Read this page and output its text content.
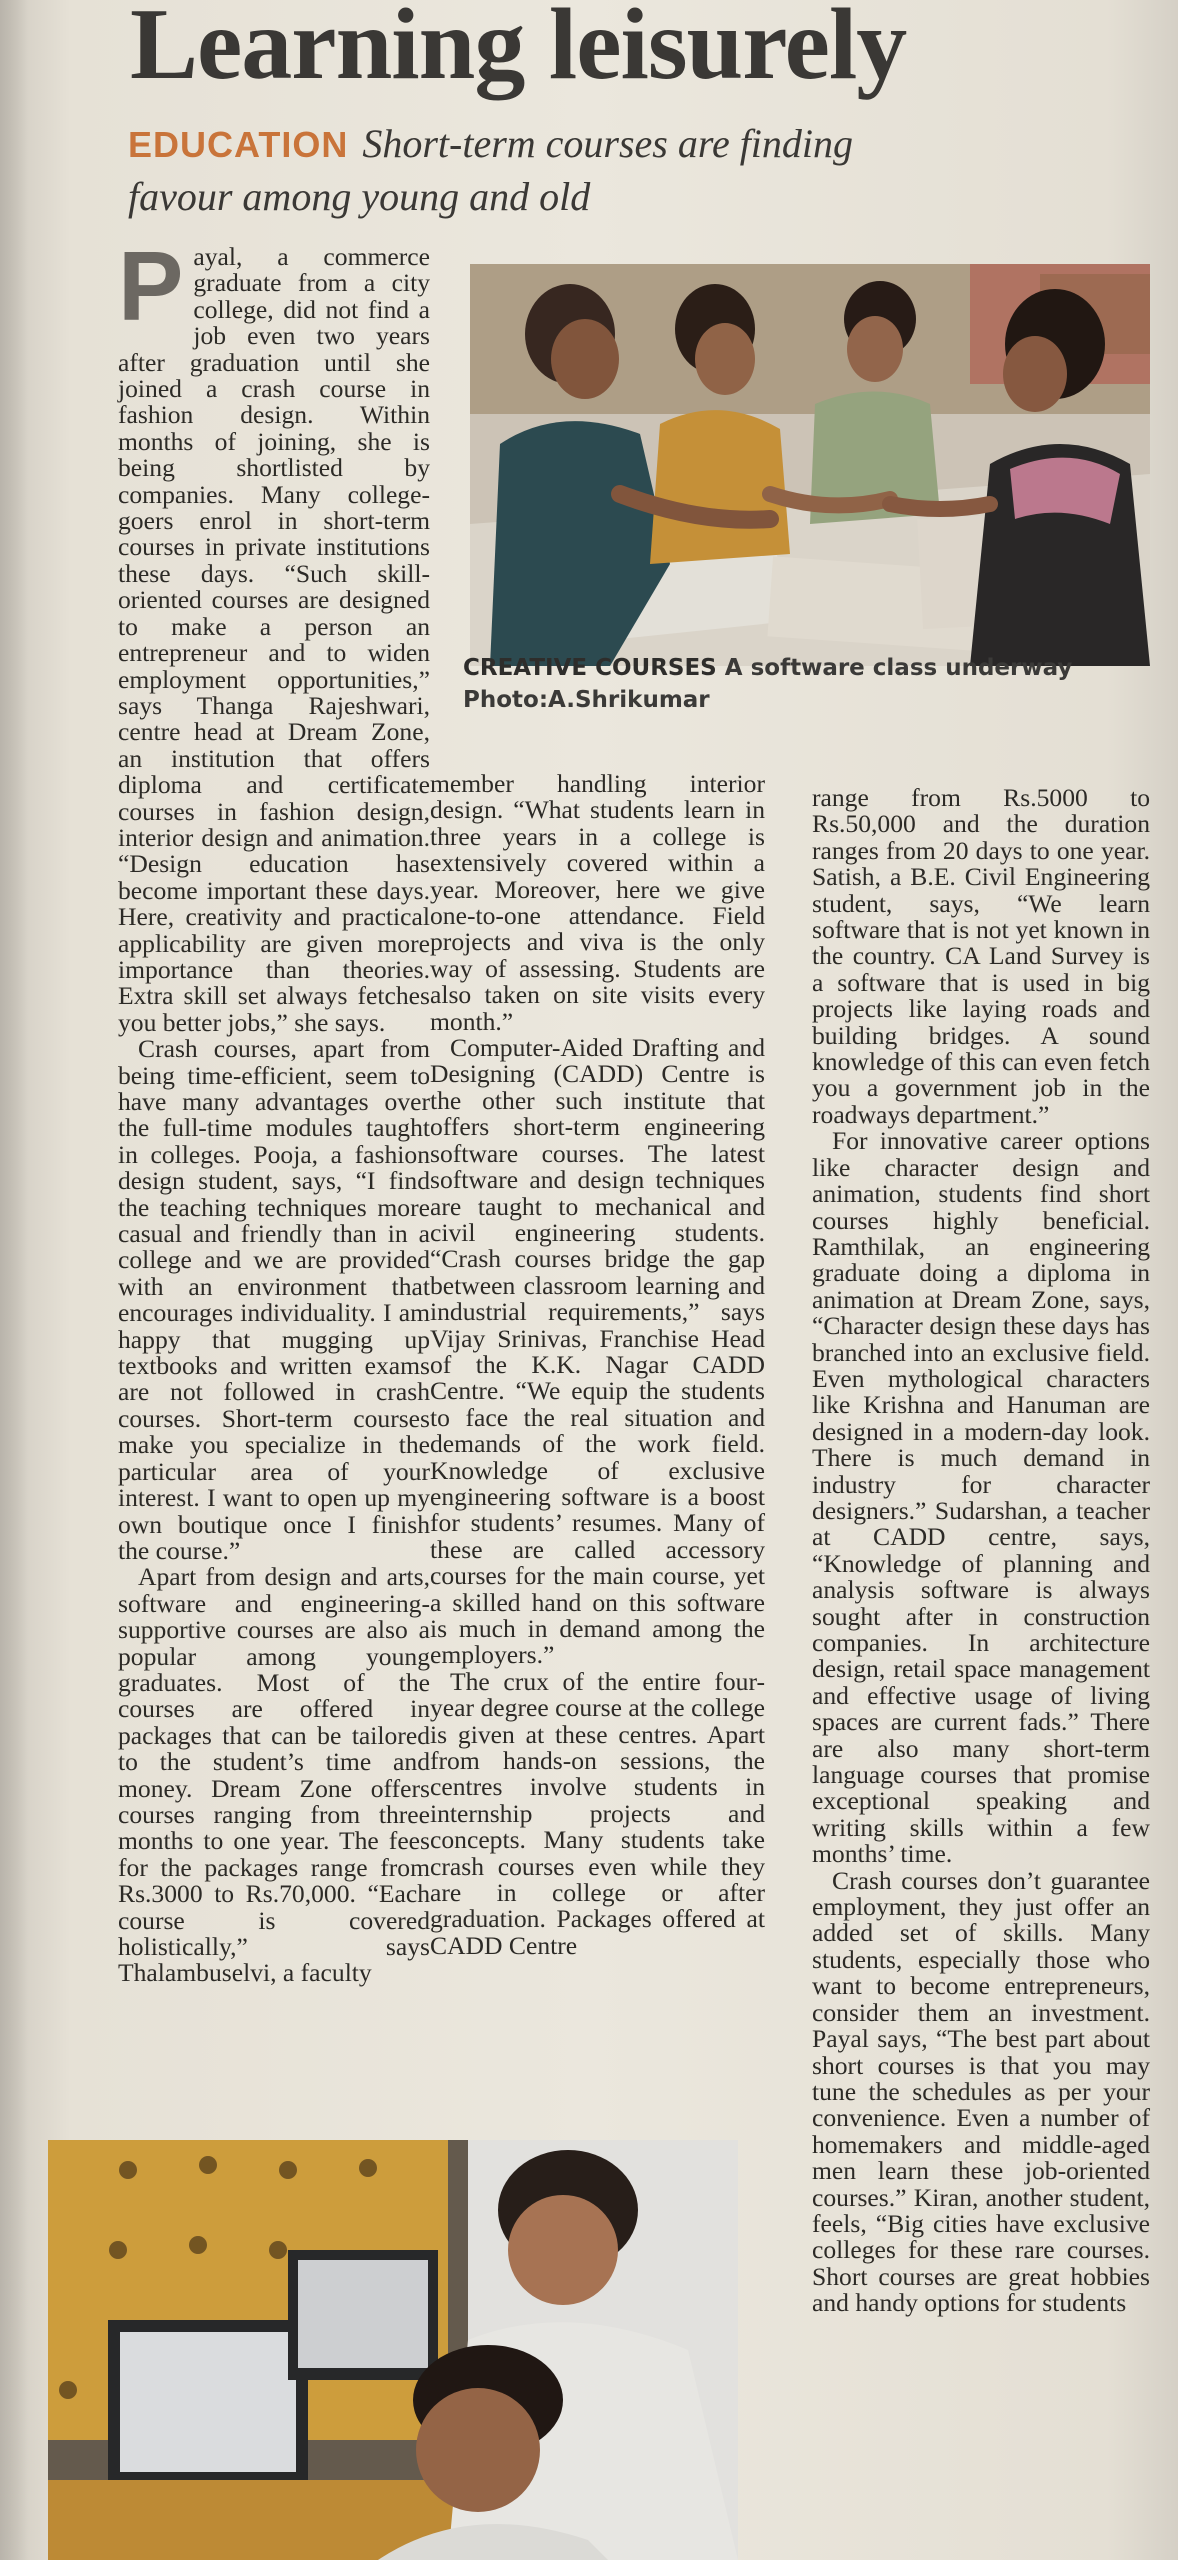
Learning leisurely
EDUCATION Short-term courses are finding
favour among young and old
CREATIVE COURSES A software class underway
Photo:A.Shrikumar

Payal, a commerce graduate from a city college, did not find a job even two years after graduation until she joined a crash course in fashion design. Within months of joining, she is being shortlisted by companies. Many college-goers enrol in short-term courses in private institutions these days. “Such skill-oriented courses are designed to make a person an entrepreneur and to widen employment opportunities,” says Thanga Rajeshwari, centre head at Dream Zone, an institution that offers diploma and certificate courses in fashion design, interior design and animation. “Design education has become important these days. Here, creativity and practical applicability are given more importance than theories. Extra skill set always fetches you better jobs,” she says.

Crash courses, apart from being time-efficient, seem to have many advantages over the full-time modules taught in colleges. Pooja, a fashion design student, says, “I find the teaching techniques more casual and friendly than in a college and we are provided with an environment that encourages individuality. I am happy that mugging up textbooks and written exams are not followed in crash courses. Short-term courses make you specialize in the particular area of your interest. I want to open up my own boutique once I finish the course.”

Apart from design and arts, software and engineering-supportive courses are also a popular among young graduates. Most of the courses are offered in packages that can be tailored to the student’s time and money. Dream Zone offers courses ranging from three months to one year. The fees for the packages range from Rs.3000 to Rs.70,000. “Each course is covered holistically,” says Thalambuselvi, a faculty

member handling interior design. “What students learn in three years in a college is extensively covered within a year. Moreover, here we give one-to-one attendance. Field projects and viva is the only way of assessing. Students are also taken on site visits every month.”

Computer-Aided Drafting and Designing (CADD) Centre is the other such institute that offers short-term engineering software courses. The latest software and design techniques are taught to mechanical and civil engineering students. “Crash courses bridge the gap between classroom learning and industrial requirements,” says Vijay Srinivas, Franchise Head of the K.K. Nagar CADD Centre. “We equip the students to face the real situation and demands of the work field. Knowledge of exclusive engineering software is a boost for students’ resumes. Many of these are called accessory courses for the main course, yet a skilled hand on this software is much in demand among the employers.”

The crux of the entire four-year degree course at the college is given at these centres. Apart from hands-on sessions, the centres involve students in internship projects and concepts. Many students take crash courses even while they are in college or after graduation. Packages offered at CADD Centre

range from Rs.5000 to Rs.50,000 and the duration ranges from 20 days to one year. Satish, a B.E. Civil Engineering student, says, “We learn software that is not yet known in the country. CA Land Survey is a software that is used in big projects like laying roads and building bridges. A sound knowledge of this can even fetch you a government job in the roadways department.”

For innovative career options like character design and animation, students find short courses highly beneficial. Ramthilak, an engineering graduate doing a diploma in animation at Dream Zone, says, “Character design these days has branched into an exclusive field. Even mythological characters like Krishna and Hanuman are designed in a modern-day look. There is much demand in industry for character designers.” Sudarshan, a teacher at CADD centre, says, “Knowledge of planning and analysis software is always sought after in construction companies. In architecture design, retail space management and effective usage of living spaces are current fads.” There are also many short-term language courses that promise exceptional speaking and writing skills within a few months’ time.

Crash courses don’t guarantee employment, they just offer an added set of skills. Many students, especially those who want to become entrepreneurs, consider them an investment. Payal says, “The best part about short courses is that you may tune the schedules as per your convenience. Even a number of homemakers and middle-aged men learn these job-oriented courses.” Kiran, another student, feels, “Big cities have exclusive colleges for these rare courses. Short courses are great hobbies and handy options for students
